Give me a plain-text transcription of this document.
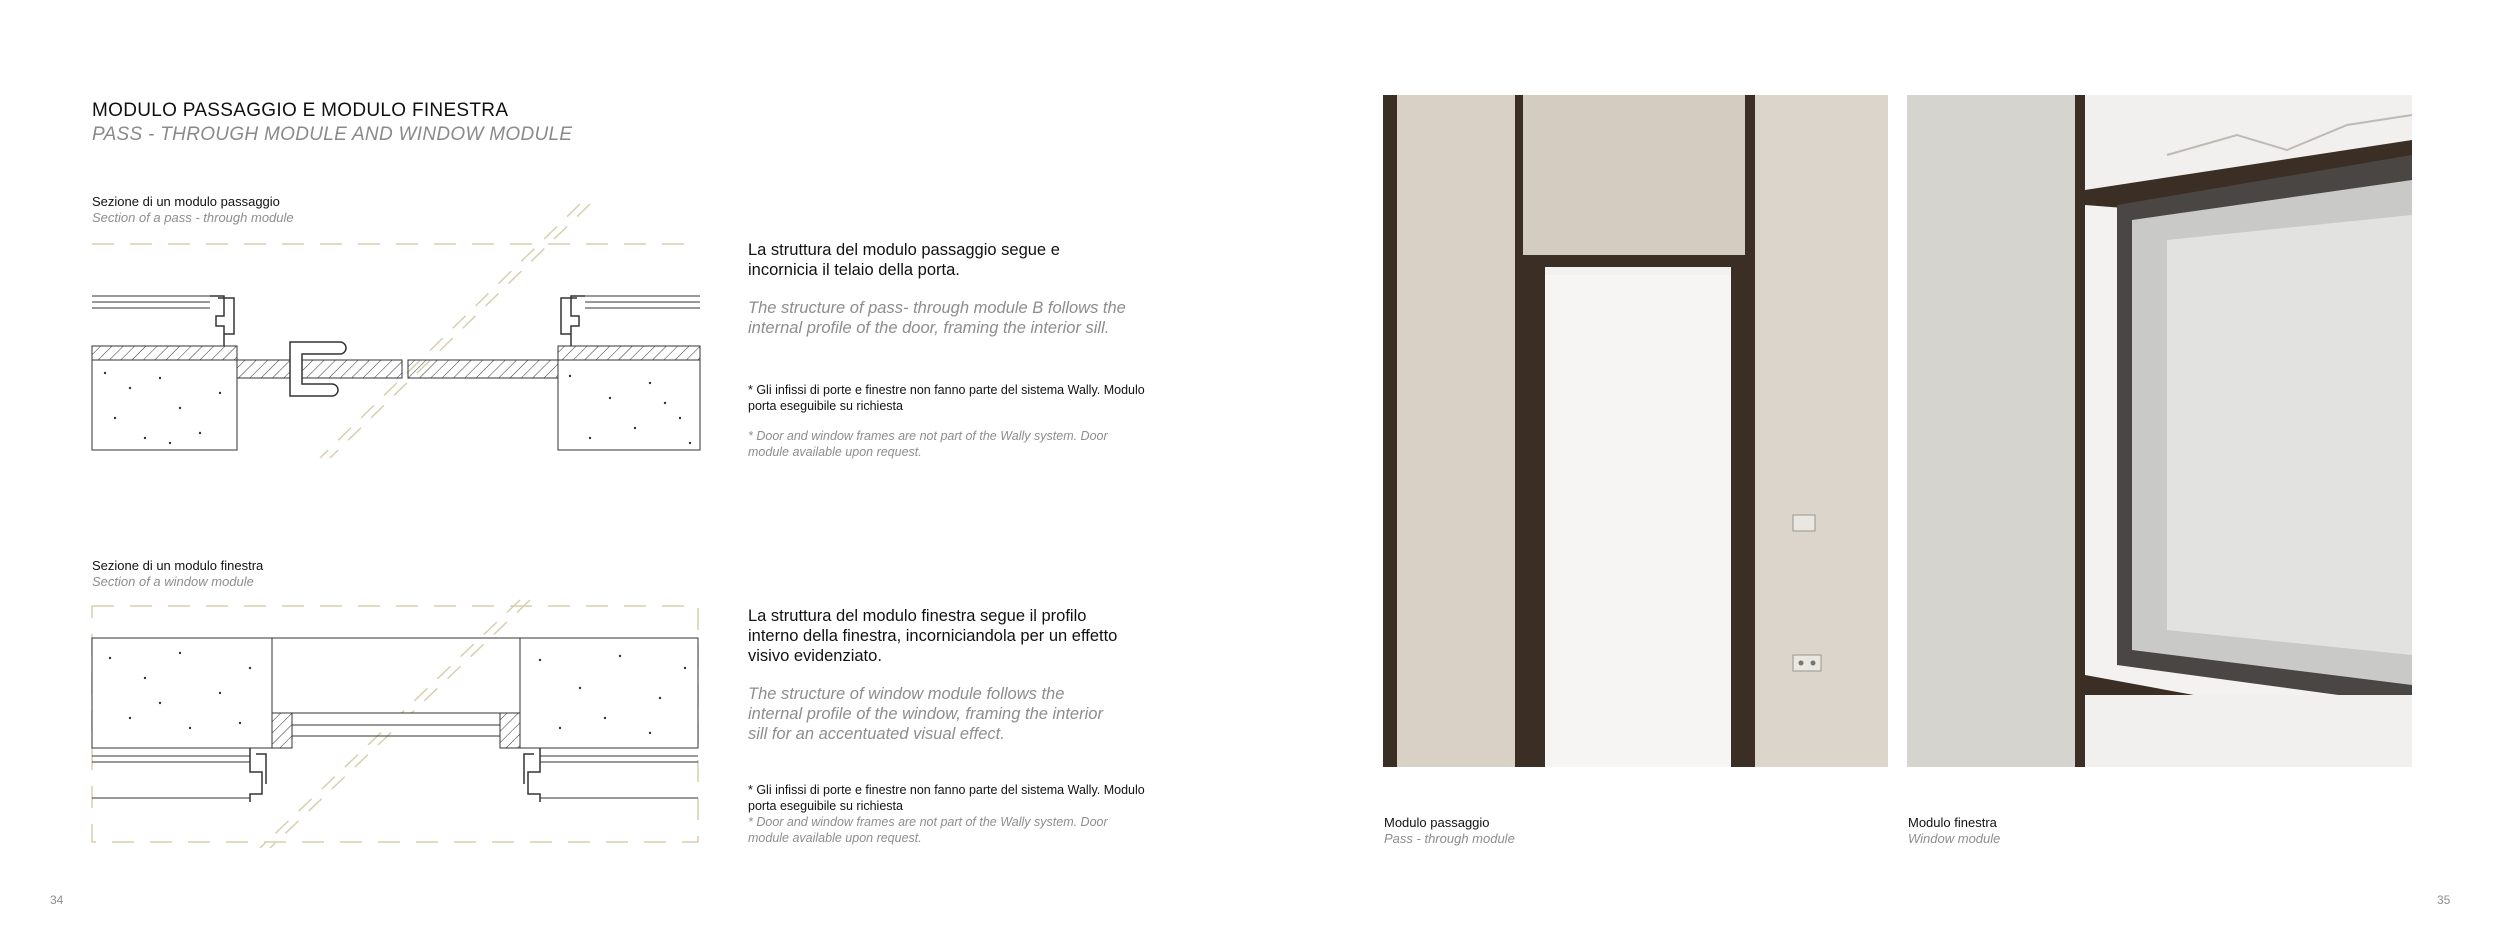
MODULO PASSAGGIO E MODULO FINESTRA
PASS - THROUGH MODULE AND WINDOW MODULE
Sezione di un modulo passaggio
Section of a pass - through module
La struttura del modulo passaggio segue e incornicia il telaio della porta.
The structure of pass- through module B follows the internal profile of the door, framing the interior sill.
* Gli infissi di porte e finestre non fanno parte del sistema Wally. Modulo porta eseguibile su richiesta
* Door and window frames are not part of the Wally system. Door module available upon request.
Sezione di un modulo finestra
Section of a window module
La struttura del modulo finestra segue il profilo interno della finestra, incorniciandola per un effetto visivo evidenziato.
The structure of window module follows the internal profile of the window, framing the interior sill for an accentuated visual effect.
* Gli infissi di porte e finestre non fanno parte del sistema Wally. Modulo porta eseguibile su richiesta
* Door and window frames are not part of the Wally system. Door module available upon request.
Modulo passaggio
Pass - through module
Modulo finestra
Window module
34	35
